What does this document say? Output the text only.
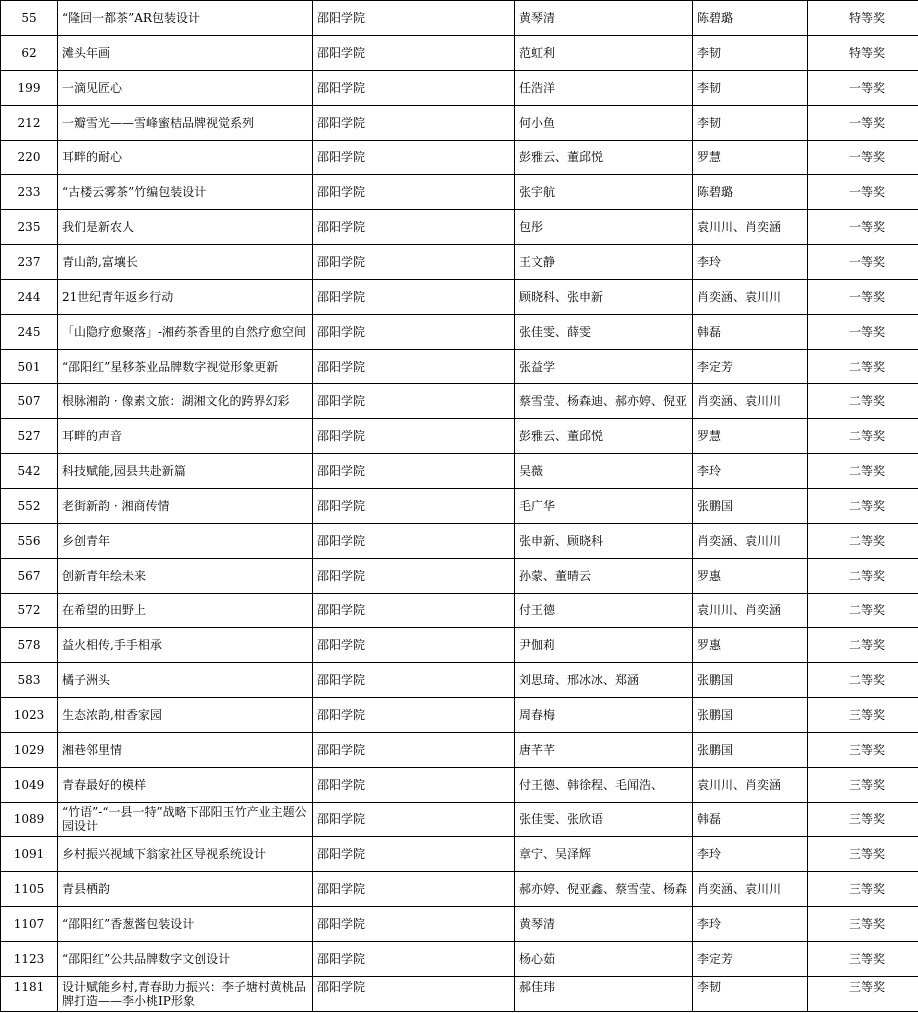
55	“隆回一都茶”AR包装设计	邵阳学院	黄琴清	陈碧璐	特等奖
62	滩头年画	邵阳学院	范虹利	李韧	特等奖
199	一滴见匠心	邵阳学院	任浩洋	李韧	一等奖
212	一瓣雪光——雪峰蜜桔品牌视觉系列	邵阳学院	何小鱼	李韧	一等奖
220	耳畔的耐心	邵阳学院	彭雅云、董邱悦	罗慧	一等奖
233	“古楼云雾茶”竹编包装设计	邵阳学院	张宇航	陈碧璐	一等奖
235	我们是新农人	邵阳学院	包彤	袁川川、肖奕涵	一等奖
237	青山韵,富壤长	邵阳学院	王文静	李玲	一等奖
244	21世纪青年返乡行动	邵阳学院	顾晓科、张申新	肖奕涵、袁川川	一等奖
245	「山隐疗愈聚落」-湘药茶香里的自然疗愈空间	邵阳学院	张佳雯、薛雯	韩磊	一等奖
501	“邵阳红”星移茶业品牌数字视觉形象更新	邵阳学院	张益学	李定芳	二等奖
507	根脉湘韵 · 像素文旅：湖湘文化的跨界幻彩	邵阳学院	蔡雪莹、杨森迪、郝亦婷、倪亚	肖奕涵、袁川川	二等奖
527	耳畔的声音	邵阳学院	彭雅云、董邱悦	罗慧	二等奖
542	科技赋能,园县共赴新篇	邵阳学院	吴薇	李玲	二等奖
552	老街新韵 · 湘商传情	邵阳学院	毛广华	张鹏国	二等奖
556	乡创青年	邵阳学院	张申新、顾晓科	肖奕涵、袁川川	二等奖
567	创新青年绘未来	邵阳学院	孙蒙、董晴云	罗惠	二等奖
572	在希望的田野上	邵阳学院	付王德	袁川川、肖奕涵	二等奖
578	益火相传,手手相承	邵阳学院	尹伽莉	罗惠	二等奖
583	橘子洲头	邵阳学院	刘思琦、邢冰冰、郑涵	张鹏国	二等奖
1023	生态浓韵,柑香家园	邵阳学院	周春梅	张鹏国	三等奖
1029	湘巷邻里情	邵阳学院	唐芊芊	张鹏国	三等奖
1049	青春最好的模样	邵阳学院	付王德、韩徐程、毛闻浩、	袁川川、肖奕涵	三等奖
1089	“竹语”-“一县一特”战略下邵阳玉竹产业主题公园设计	邵阳学院	张佳雯、张欣语	韩磊	三等奖
1091	乡村振兴视域下翁家社区导视系统设计	邵阳学院	章宁、吴泽辉	李玲	三等奖
1105	青县栖韵	邵阳学院	郝亦婷、倪亚鑫、蔡雪莹、杨森	肖奕涵、袁川川	三等奖
1107	“邵阳红”香葱酱包装设计	邵阳学院	黄琴清	李玲	三等奖
1123	“邵阳红”公共品牌数字文创设计	邵阳学院	杨心茹	李定芳	三等奖
1181	设计赋能乡村,青春助力振兴：李子塘村黄桃品牌打造——李小桃IP形象	邵阳学院	郝佳玮	李韧	三等奖
